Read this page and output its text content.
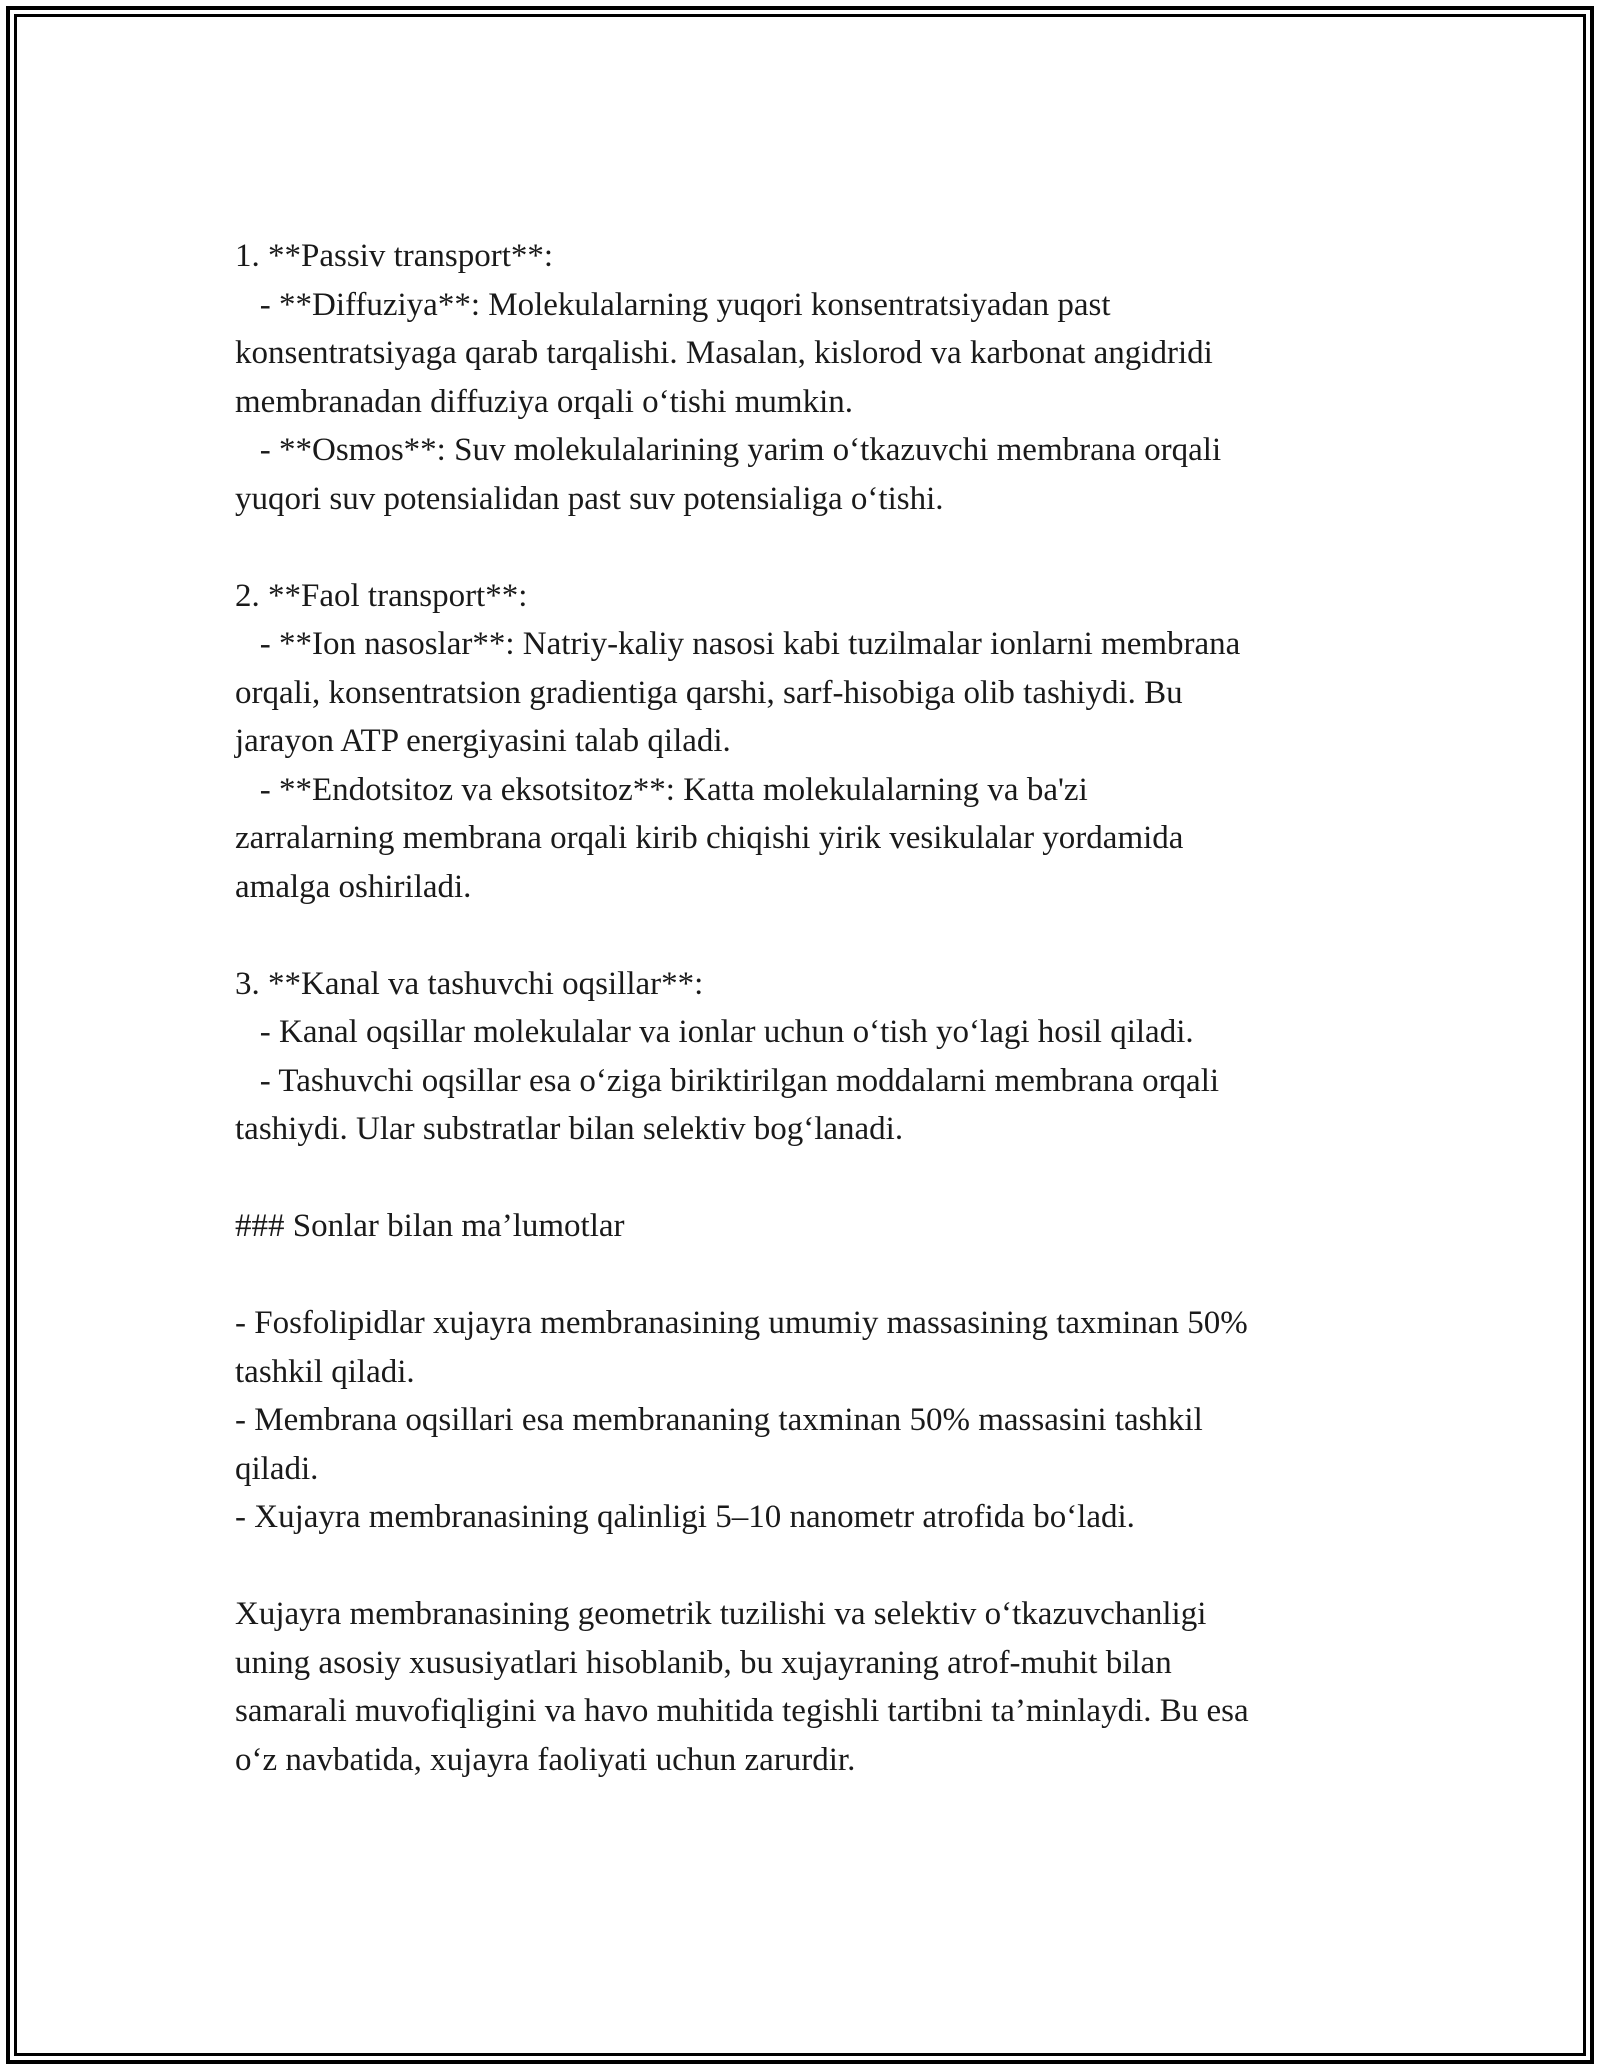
1. **Passiv transport**:
- **Diffuziya**: Molekulalarning yuqori konsentratsiyadan past
konsentratsiyaga qarab tarqalishi. Masalan, kislorod va karbonat angidridi
membranadan diffuziya orqali o‘tishi mumkin.
- **Osmos**: Suv molekulalarining yarim o‘tkazuvchi membrana orqali
yuqori suv potensialidan past suv potensialiga o‘tishi.
2. **Faol transport**:
- **Ion nasoslar**: Natriy-kaliy nasosi kabi tuzilmalar ionlarni membrana
orqali, konsentratsion gradientiga qarshi, sarf-hisobiga olib tashiydi. Bu
jarayon ATP energiyasini talab qiladi.
- **Endotsitoz va eksotsitoz**: Katta molekulalarning va ba'zi
zarralarning membrana orqali kirib chiqishi yirik vesikulalar yordamida
amalga oshiriladi.
3. **Kanal va tashuvchi oqsillar**:
- Kanal oqsillar molekulalar va ionlar uchun o‘tish yo‘lagi hosil qiladi.
- Tashuvchi oqsillar esa o‘ziga biriktirilgan moddalarni membrana orqali
tashiydi. Ular substratlar bilan selektiv bog‘lanadi.
### Sonlar bilan ma’lumotlar
- Fosfolipidlar xujayra membranasining umumiy massasining taxminan 50%
tashkil qiladi.
- Membrana oqsillari esa membrananing taxminan 50% massasini tashkil
qiladi.
- Xujayra membranasining qalinligi 5–10 nanometr atrofida bo‘ladi.
Xujayra membranasining geometrik tuzilishi va selektiv o‘tkazuvchanligi
uning asosiy xususiyatlari hisoblanib, bu xujayraning atrof-muhit bilan
samarali muvofiqligini va havo muhitida tegishli tartibni ta’minlaydi. Bu esa
o‘z navbatida, xujayra faoliyati uchun zarurdir.
